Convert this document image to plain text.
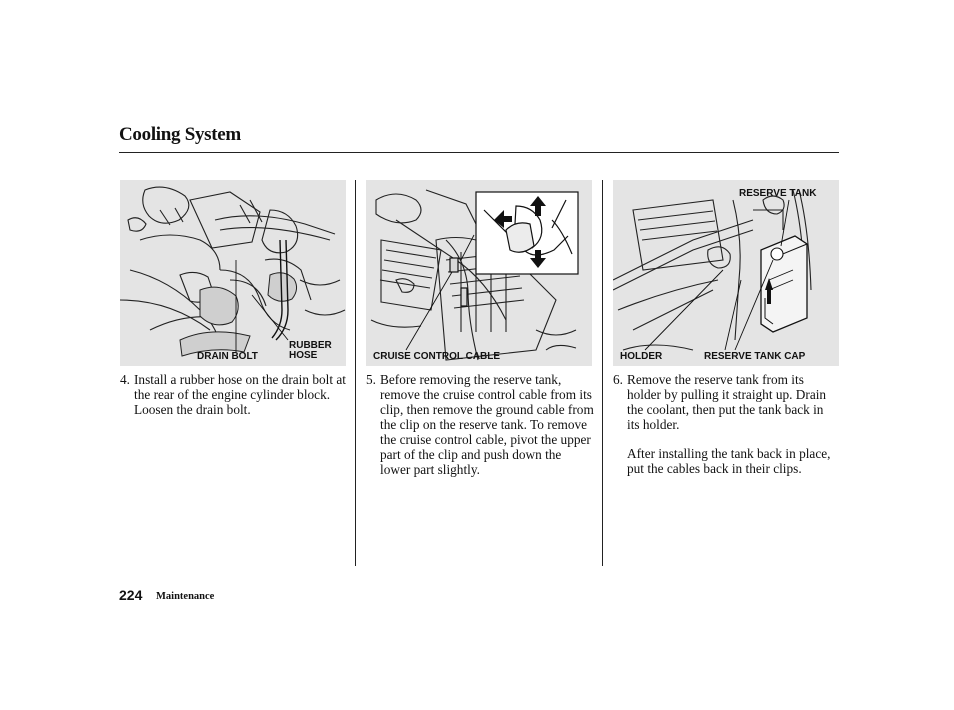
Cooling System
DRAIN BOLT
RUBBER
HOSE	CRUISE CONTROL CABLE
RESERVE TANK
HOLDER	RESERVE TANK CAP
4. Install a rubber hose on the drain bolt at the rear of the engine cylinder block. Loosen the drain bolt.

5. Before removing the reserve tank, remove the cruise control cable from its clip, then remove the ground cable from the clip on the reserve tank. To remove the cruise control cable, pivot the upper part of the clip and push down the lower part slightly.

6. Remove the reserve tank from its holder by pulling it straight up. Drain the coolant, then put the tank back in its holder.

After installing the tank back in place, put the cables back in their clips.

224 Maintenance
